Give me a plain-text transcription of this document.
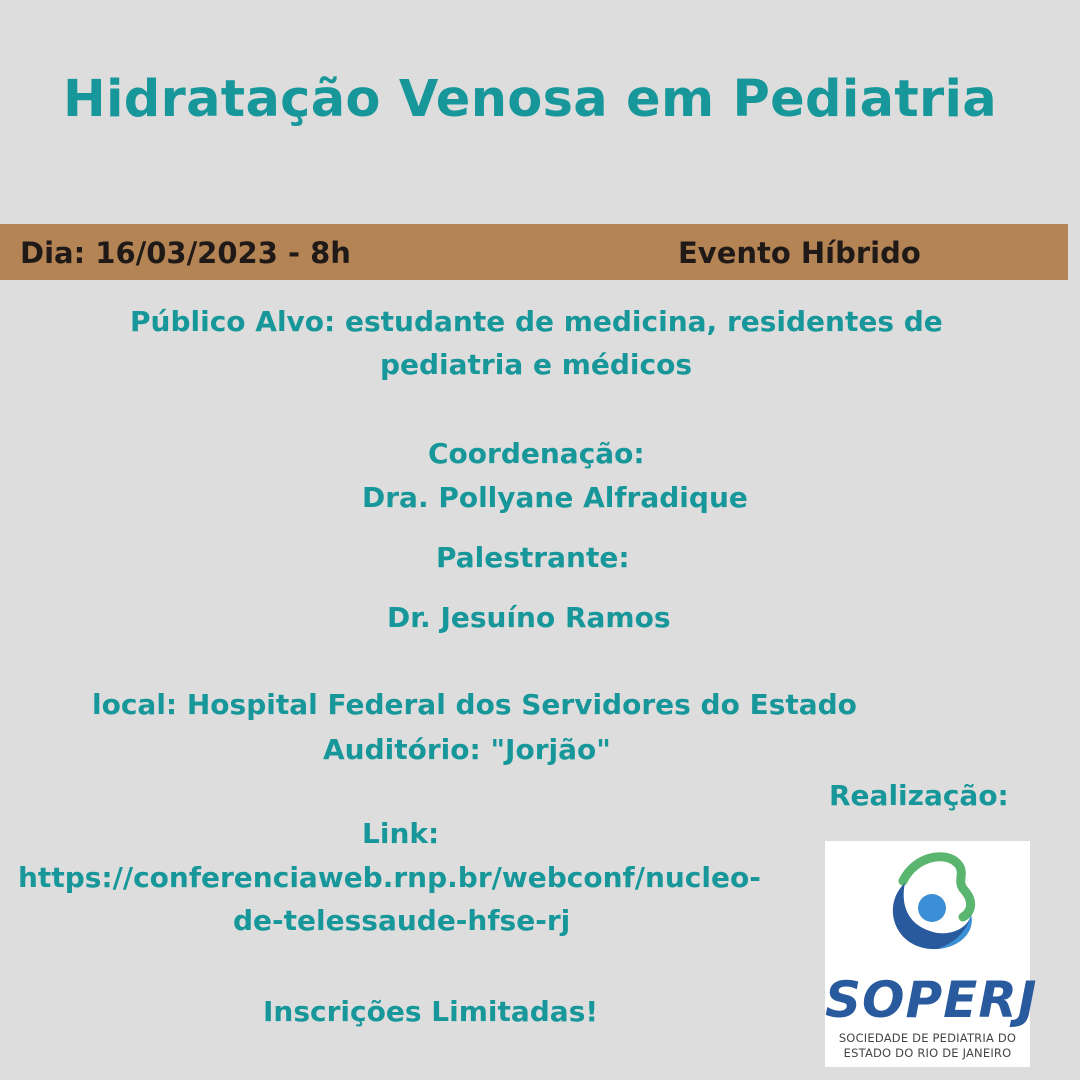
Hidratação Venosa em Pediatria
Dia: 16/03/2023 - 8h	Evento Híbrido
Público Alvo: estudante de medicina, residentes de
pediatria e médicos
Coordenação:
Dra. Pollyane Alfradique
Palestrante:
Dr. Jesuíno Ramos
local: Hospital Federal dos Servidores do Estado
Auditório: "Jorjão"
Realização:
Link:
https://conferenciaweb.rnp.br/webconf/nucleo-
de-telessaude-hfse-rj
Inscrições Limitadas!	SOPERJ
SOCIEDADE DE PEDIATRIA DO
ESTADO DO RIO DE JANEIRO
